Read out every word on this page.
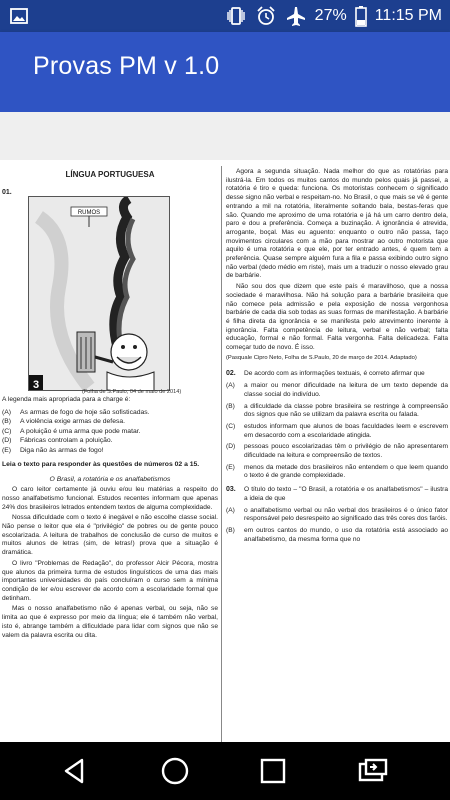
27% 11:15 PM
Provas PM v 1.0
LÍNGUA PORTUGUESA
01.
RUMOS
3
(Folha de S.Paulo, 04 de maio de 2014)
A legenda mais apropriada para a charge é:
(A)	As armas de fogo de hoje são sofisticadas.
(B)	A violência exige armas de defesa.
(C)	A poluição é uma arma que pode matar.
(D)	Fábricas controlam a poluição.
(E)	Diga não às armas de fogo!
Leia o texto para responder às questões de números 02 a 15.
O Brasil, a rotatória e os analfabetismos
O caro leitor certamente já ouviu e/ou leu matérias a respeito do nosso analfabetismo funcional. Estudos recentes informam que apenas 24% dos brasileiros letrados entendem textos de alguma complexidade.
Nossa dificuldade com o texto é inegável e não escolhe classe social. Não pense o leitor que ela é "privilégio" de pobres ou de gente pouco escolarizada. A leitura de trabalhos de conclusão de curso de muitos e muitos alunos de letras (sim, de letras!) prova que a situação é dramática.
O livro "Problemas de Redação", do professor Alcir Pécora, mostra que alunos da primeira turma de estudos linguísticos de uma das mais importantes universidades do país concluíram o curso sem a mínima condição de ler e/ou escrever de acordo com a escolaridade formal que detinham.
Mas o nosso analfabetismo não é apenas verbal, ou seja, não se limita ao que é expresso por meio da língua; ele é também não verbal, isto é, abrange também a dificuldade para lidar com signos que não se valem da palavra escrita ou dita.
Agora a segunda situação. Nada melhor do que as rotatórias para ilustrá-la. Em todos os muitos cantos do mundo pelos quais já passei, a rotatória é tiro e queda: funciona. Os motoristas conhecem o significado desse signo não verbal e respeitam-no. No Brasil, o que mais se vê é gente entrando a mil na rotatória, literalmente soltando bala, bestas-feras que são. Quando me aproximo de uma rotatória e já há um carro dentro dela, paro e dou a preferência. Começa a buzinação. A ignorância é atrevida, arrogante, boçal. Mas eu aguento: enquanto o outro não passa, faço movimentos circulares com a mão para mostrar ao outro motorista que aquilo é uma rotatória e que ele, por ter entrado antes, é quem tem a preferência. Quase sempre alguém fura a fila e passa exibindo outro signo não verbal (dedo médio em riste), mais um a traduzir o nosso elevado grau de barbárie.
Não sou dos que dizem que este país é maravilhoso, que a nossa sociedade é maravilhosa. Não há solução para a barbárie brasileira que não comece pela admissão e pela exposição de nossa vergonhosa barbárie de cada dia sob todas as suas formas de manifestação. A barbárie é filha direta da ignorância e se manifesta pelo atrevimento inerente à ignorância. Falta competência de leitura, verbal e não verbal; falta educação, formal e não formal. Falta vergonha. Falta delicadeza. Falta começar tudo de novo. É isso.
(Pasquale Cipro Neto, Folha de S.Paulo, 20 de março de 2014. Adaptado)
02.	De acordo com as informações textuais, é correto afirmar que
(A)	a maior ou menor dificuldade na leitura de um texto depende da classe social do indivíduo.
(B)	a dificuldade da classe pobre brasileira se restringe à compreensão dos signos que não se utilizam da palavra escrita ou falada.
(C)	estudos informam que alunos de boas faculdades leem e escrevem em desacordo com a escolaridade atingida.
(D)	pessoas pouco escolarizadas têm o privilégio de não apresentarem dificuldade na leitura e compreensão de textos.
(E)	menos da metade dos brasileiros não entendem o que leem quando o texto é de grande complexidade.
03.	O título do texto – "O Brasil, a rotatória e os analfabetismos" – ilustra a ideia de que
(A)	o analfabetismo verbal ou não verbal dos brasileiros é o único fator responsável pelo desrespeito ao significado das três cores dos faróis.
(B)	em outros cantos do mundo, o uso da rotatória está associado ao analfabetismo, da mesma forma que no
